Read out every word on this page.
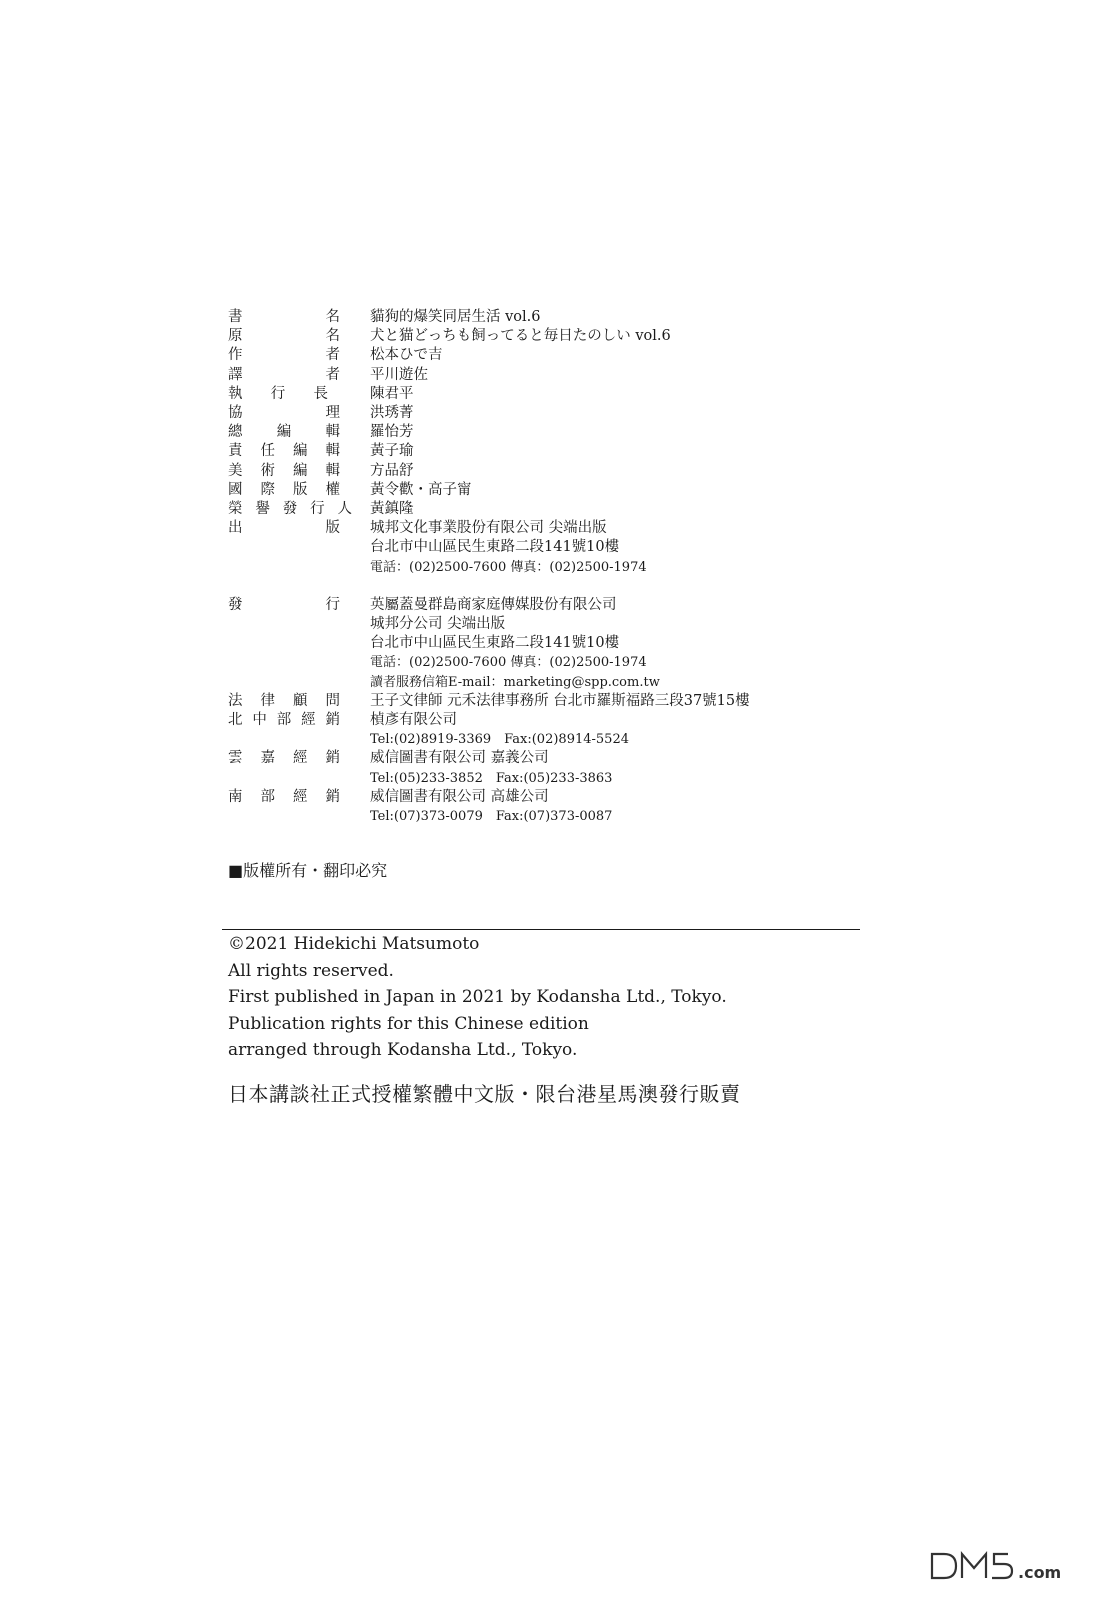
書名 貓狗的爆笑同居生活 vol.6
原名 犬と猫どっちも飼ってると毎日たのしい vol.6
作者 松本ひで吉
譯者 平川遊佐
執行長	陳君平
協理 洪琇菁
總編輯 羅怡芳
責任編輯 黃子瑜
美術編輯 方品舒
國際版權 黃令歡・高子甯
榮譽發行人 黃鎮隆
出版 城邦文化事業股份有限公司 尖端出版
台北市中山區民生東路二段141號10樓
電話：(02)2500-7600 傳真：(02)2500-1974
發行 英屬蓋曼群島商家庭傳媒股份有限公司
城邦分公司 尖端出版
台北市中山區民生東路二段141號10樓
電話：(02)2500-7600 傳真：(02)2500-1974
讀者服務信箱E-mail：marketing@spp.com.tw
法律顧問 王子文律師 元禾法律事務所 台北市羅斯福路三段37號15樓
北中部經銷 楨彥有限公司
Tel:(02)8919-3369　Fax:(02)8914-5524
雲嘉經銷 威信圖書有限公司 嘉義公司
Tel:(05)233-3852　Fax:(05)233-3863
南部經銷 威信圖書有限公司 高雄公司
Tel:(07)373-0079　Fax:(07)373-0087
■版權所有・翻印必究
©2021 Hidekichi Matsumoto
All rights reserved.
First published in Japan in 2021 by Kodansha Ltd., Tokyo.
Publication rights for this Chinese edition
arranged through Kodansha Ltd., Tokyo.
日本講談社正式授權繁體中文版・限台港星馬澳發行販賣
.com
